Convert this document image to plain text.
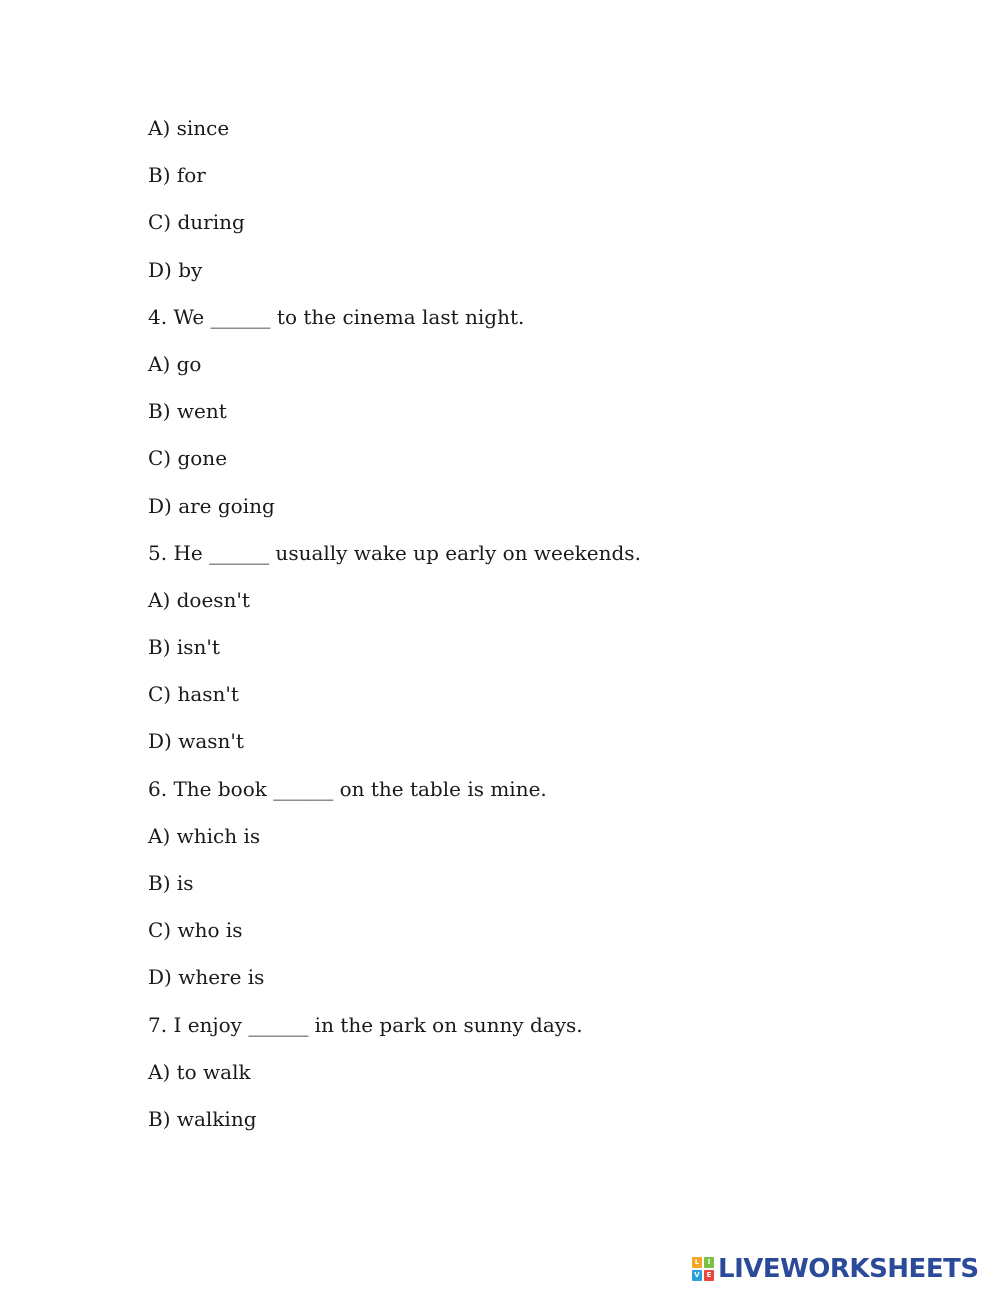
A) since
B) for
C) during
D) by
4. We ______ to the cinema last night.
A) go
B) went
C) gone
D) are going
5. He ______ usually wake up early on weekends.
A) doesn't
B) isn't
C) hasn't
D) wasn't
6. The book ______ on the table is mine.
A) which is
B) is
C) who is
D) where is
7. I enjoy ______ in the park on sunny days.
A) to walk
B) walking
L	I
V E LIVEWORKSHEETS
